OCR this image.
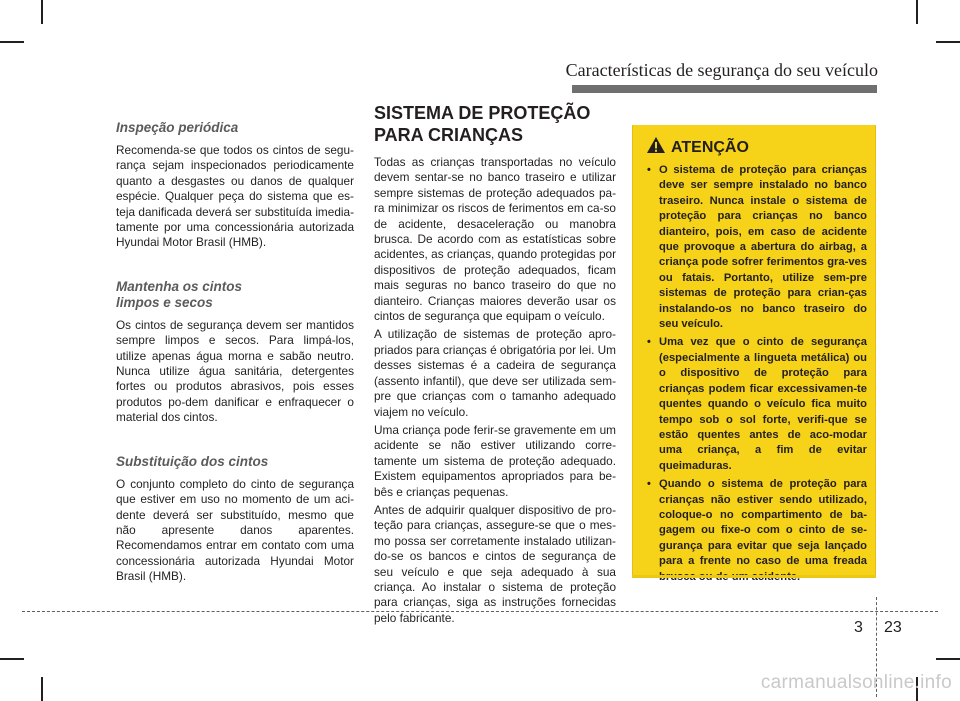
Características de segurança do seu veículo

Inspeção periódica

Recomenda-se que todos os cintos de segu-rança sejam inspecionados periodicamente quanto a desgastes ou danos de qualquer espécie. Qualquer peça do sistema que es-teja danificada deverá ser substituída imedia-tamente por uma concessionária autorizada Hyundai Motor Brasil (HMB).

Mantenha os cintos
limpos e secos

Os cintos de segurança devem ser mantidos sempre limpos e secos. Para limpá-los, utilize apenas água morna e sabão neutro. Nunca utilize água sanitária, detergentes fortes ou produtos abrasivos, pois esses produtos po-dem danificar e enfraquecer o material dos cintos.

Substituição dos cintos

O conjunto completo do cinto de segurança que estiver em uso no momento de um aci-dente deverá ser substituído, mesmo que não apresente danos aparentes. Recomendamos entrar em contato com uma concessionária autorizada Hyundai Motor Brasil (HMB).

SISTEMA DE PROTEÇÃO
PARA CRIANÇAS

Todas as crianças transportadas no veículo devem sentar-se no banco traseiro e utilizar sempre sistemas de proteção adequados pa-ra minimizar os riscos de ferimentos em ca-so de acidente, desaceleração ou manobra brusca. De acordo com as estatísticas sobre acidentes, as crianças, quando protegidas por dispositivos de proteção adequados, ficam mais seguras no banco traseiro do que no dianteiro. Crianças maiores deverão usar os cintos de segurança que equipam o veículo.

A utilização de sistemas de proteção apro-priados para crianças é obrigatória por lei. Um desses sistemas é a cadeira de segurança (assento infantil), que deve ser utilizada sem-pre que crianças com o tamanho adequado viajem no veículo.

Uma criança pode ferir-se gravemente em um acidente se não estiver utilizando corre-tamente um sistema de proteção adequado. Existem equipamentos apropriados para be-bês e crianças pequenas.

Antes de adquirir qualquer dispositivo de pro-teção para crianças, assegure-se que o mes-mo possa ser corretamente instalado utilizan-do-se os bancos e cintos de segurança de seu veículo e que seja adequado à sua criança. Ao instalar o sistema de proteção para crianças, siga as instruções fornecidas pelo fabricante.

ATENÇÃO
• O sistema de proteção para crianças deve ser sempre instalado no banco traseiro. Nunca instale o sistema de proteção para crianças no banco dianteiro, pois, em caso de acidente que provoque a abertura do airbag, a criança pode sofrer ferimentos gra-ves ou fatais. Portanto, utilize sem-pre sistemas de proteção para crian-ças instalando-os no banco traseiro do seu veículo.
• Uma vez que o cinto de segurança (especialmente a lingueta metálica) ou o dispositivo de proteção para crianças podem ficar excessivamen-te quentes quando o veículo fica muito tempo sob o sol forte, verifi-que se estão quentes antes de aco-modar uma criança, a fim de evitar queimaduras.
• Quando o sistema de proteção para crianças não estiver sendo utilizado, coloque-o no compartimento de ba-gagem ou fixe-o com o cinto de se-gurança para evitar que seja lançado para a frente no caso de uma freada
3 23
carmanualsonline.info
